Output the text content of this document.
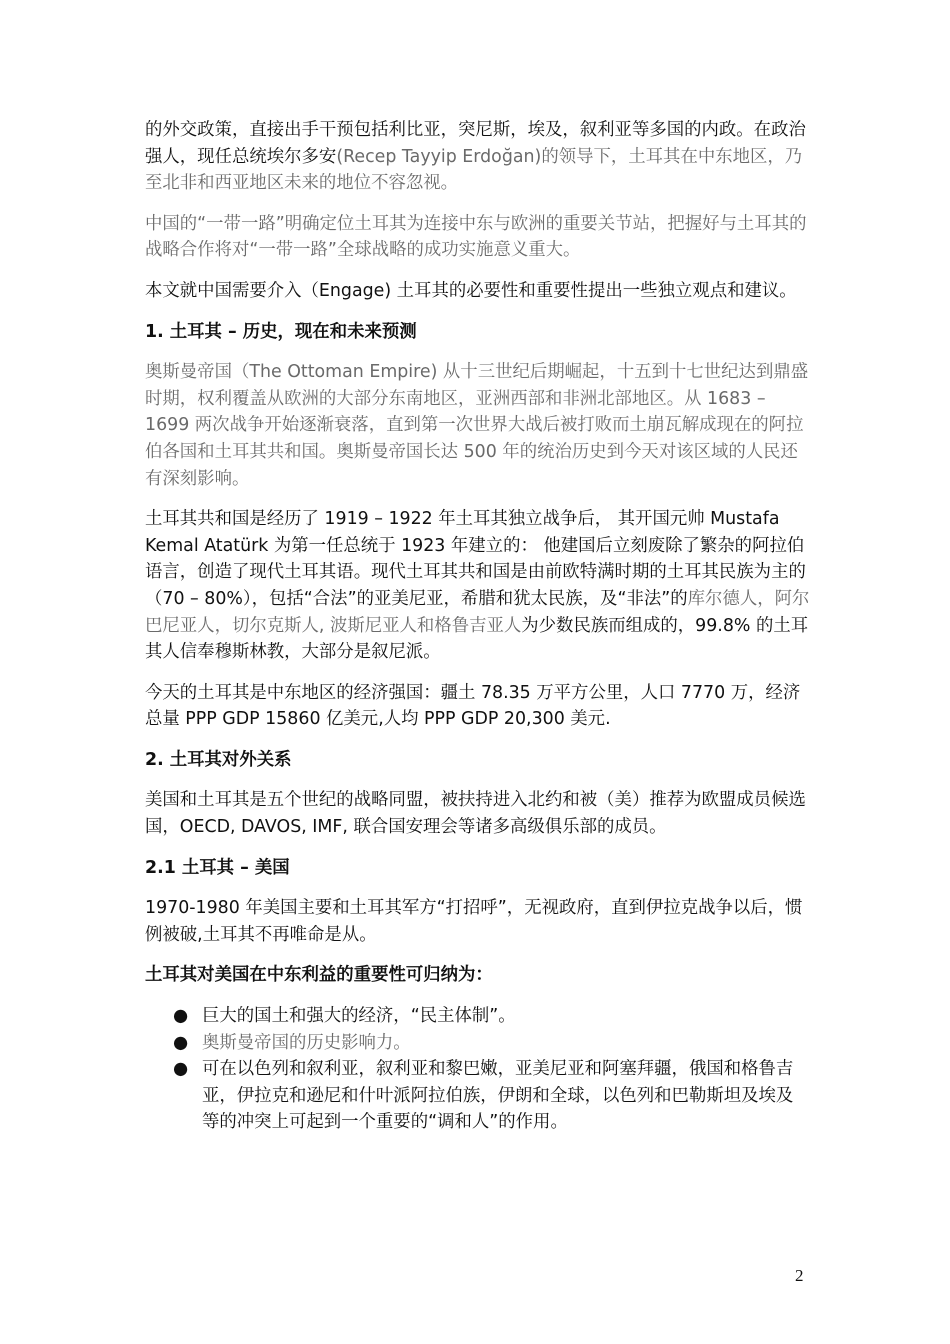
的外交政策，直接出手干预包括利比亚，突尼斯，埃及，叙利亚等多国的内政。在政治强人，现任总统埃尔多安(Recep Tayyip Erdoğan)的领导下，土耳其在中东地区，乃至北非和西亚地区未来的地位不容忽视。

中国的“一带一路”明确定位土耳其为连接中东与欧洲的重要关节站，把握好与土耳其的战略合作将对“一带一路”全球战略的成功实施意义重大。

本文就中国需要介入（Engage) 土耳其的必要性和重要性提出一些独立观点和建议。

1. 土耳其 – 历史，现在和未来预测

奥斯曼帝国（The Ottoman Empire) 从十三世纪后期崛起，十五到十七世纪达到鼎盛时期，权利覆盖从欧洲的大部分东南地区，亚洲西部和非洲北部地区。从 1683 – 1699 两次战争开始逐渐衰落，直到第一次世界大战后被打败而土崩瓦解成现在的阿拉伯各国和土耳其共和国。奥斯曼帝国长达 500 年的统治历史到今天对该区域的人民还有深刻影响。

土耳其共和国是经历了 1919 – 1922 年土耳其独立战争后， 其开国元帅 Mustafa Kemal Atatürk 为第一任总统于 1923 年建立的： 他建国后立刻废除了繁杂的阿拉伯语言，创造了现代土耳其语。现代土耳其共和国是由前欧特满时期的土耳其民族为主的（70 – 80%），包括“合法”的亚美尼亚，希腊和犹太民族，及“非法”的库尔德人，阿尔巴尼亚人，切尔克斯人, 波斯尼亚人和格鲁吉亚人为少数民族而组成的，99.8% 的土耳其人信奉穆斯林教，大部分是叙尼派。

今天的土耳其是中东地区的经济强国：疆土 78.35 万平方公里，人口 7770 万，经济总量 PPP GDP 15860 亿美元,人均 PPP GDP 20,300 美元.

2. 土耳其对外关系

美国和土耳其是五个世纪的战略同盟，被扶持进入北约和被（美）推荐为欧盟成员候选国，OECD, DAVOS, IMF, 联合国安理会等诸多高级俱乐部的成员。

2.1 土耳其 – 美国

1970-1980 年美国主要和土耳其军方“打招呼”，无视政府，直到伊拉克战争以后，惯例被破,土耳其不再唯命是从。

土耳其对美国在中东利益的重要性可归纳为：
● 巨大的国土和强大的经济，“民主体制”。
● 奥斯曼帝国的历史影响力。
● 可在以色列和叙利亚，叙利亚和黎巴嫩，亚美尼亚和阿塞拜疆，俄国和格鲁吉亚，伊拉克和逊尼和什叶派阿拉伯族，伊朗和全球，以色列和巴勒斯坦及埃及等的冲突上可起到一个重要的“调和人”的作用。
2
